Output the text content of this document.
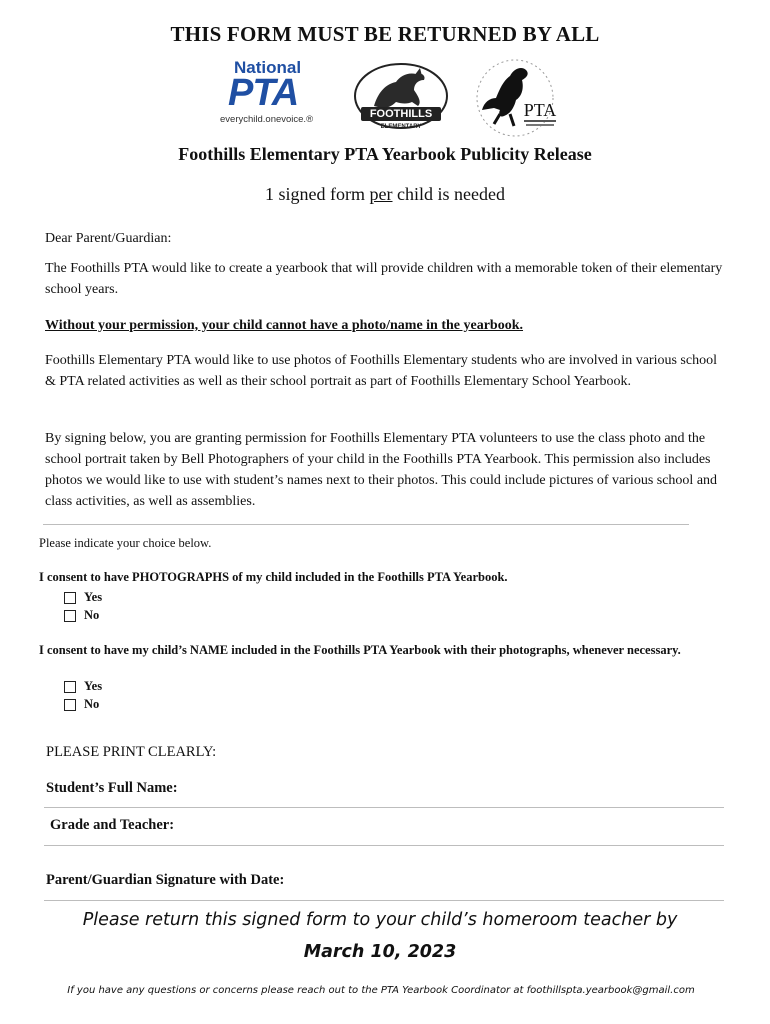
THIS FORM MUST BE RETURNED BY ALL
National
PTA
everychild.onevoice.®	FOOTHILLS
ELEMENTARY
PTA
Foothills Elementary PTA Yearbook Publicity Release
1 signed form per child is needed
Dear Parent/Guardian:
The Foothills PTA would like to create a yearbook that will provide children with a memorable token of their elementary school years.
Without your permission, your child cannot have a photo/name in the yearbook.
Foothills Elementary PTA would like to use photos of Foothills Elementary students who are involved in various school & PTA related activities as well as their school portrait as part of Foothills Elementary School Yearbook.
By signing below, you are granting permission for Foothills Elementary PTA volunteers to use the class photo and the school portrait taken by Bell Photographers of your child in the Foothills PTA Yearbook. This permission also includes photos we would like to use with student’s names next to their photos. This could include pictures of various school and class activities, as well as assemblies.
Please indicate your choice below.
I consent to have PHOTOGRAPHS of my child included in the Foothills PTA Yearbook.
Yes
No
I consent to have my child’s NAME included in the Foothills PTA Yearbook with their photographs, whenever necessary.
Yes
No
PLEASE PRINT CLEARLY:
Student’s Full Name:
Grade and Teacher:
Parent/Guardian Signature with Date:
Please return this signed form to your child’s homeroom teacher by
March 10, 2023
If you have any questions or concerns please reach out to the PTA Yearbook Coordinator at foothillspta.yearbook@gmail.com
